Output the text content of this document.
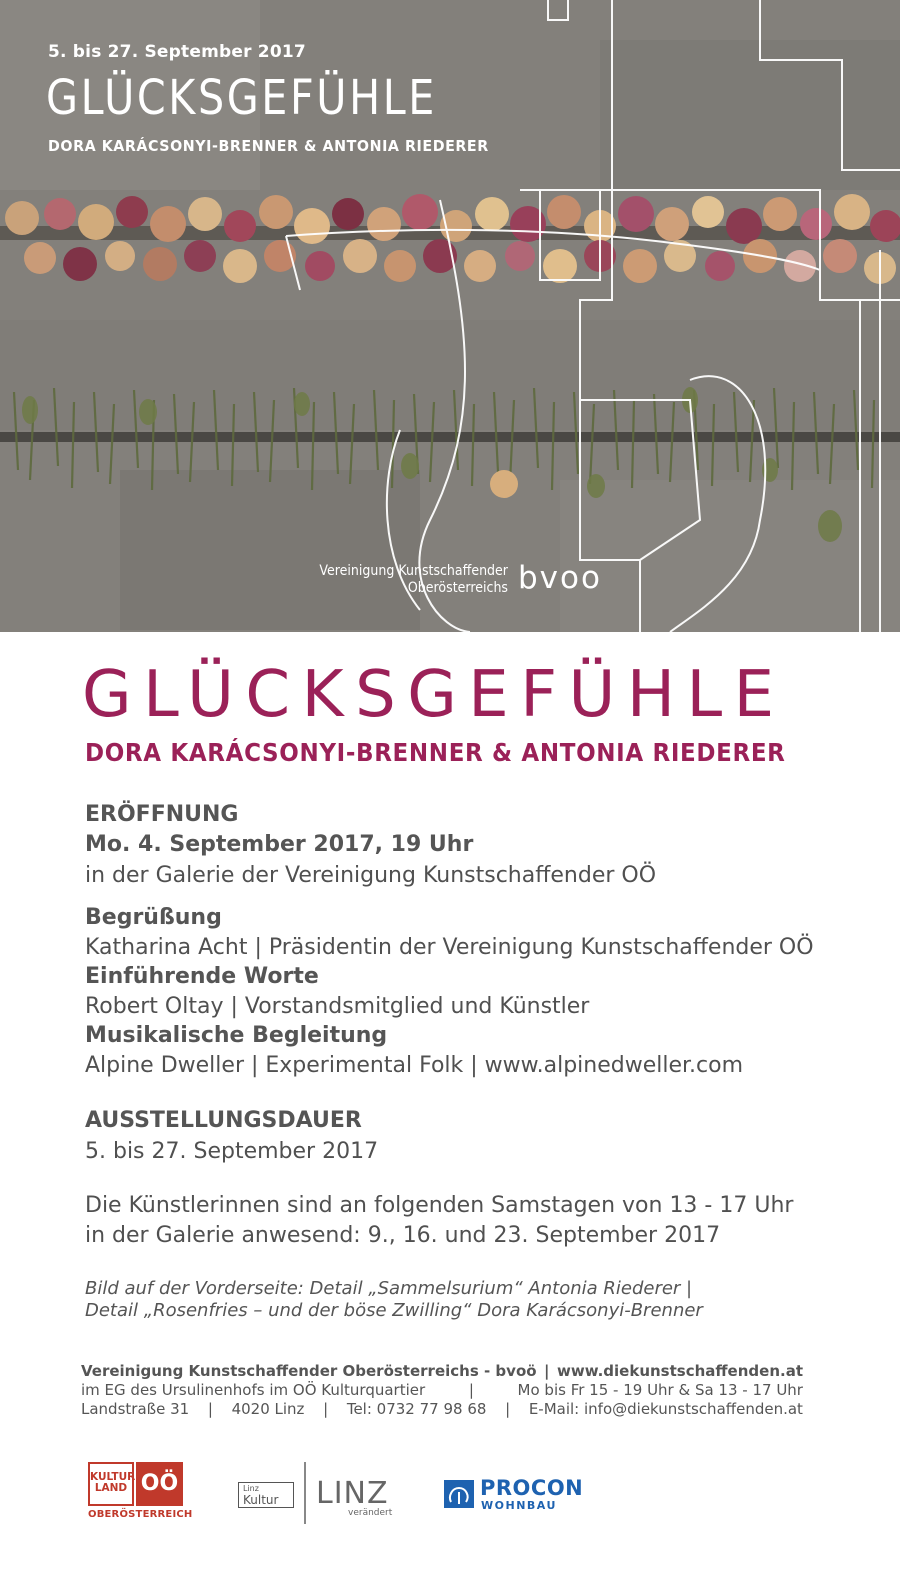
5. bis 27. September 2017
GLÜCKSGEFÜHLE
DORA KARÁCSONYI-BRENNER & ANTONIA RIEDERER
Vereinigung Kunstschaffender
Oberösterreichs bvoo
GLÜCKSGEFÜHLE
DORA KARÁCSONYI-BRENNER & ANTONIA RIEDERER
ERÖFFNUNG
Mo. 4. September 2017, 19 Uhr
in der Galerie der Vereinigung Kunstschaffender OÖ
Begrüßung
Katharina Acht | Präsidentin der Vereinigung Kunstschaffender OÖ
Einführende Worte
Robert Oltay | Vorstandsmitglied und Künstler
Musikalische Begleitung
Alpine Dweller | Experimental Folk | www.alpinedweller.com
AUSSTELLUNGSDAUER
5. bis 27. September 2017
Die Künstlerinnen sind an folgenden Samstagen von 13 - 17 Uhr
in der Galerie anwesend: 9., 16. und 23. September 2017
Bild auf der Vorderseite: Detail „Sammelsurium“ Antonia Riederer |
Detail „Rosenfries – und der böse Zwilling“ Dora Karácsonyi-Brenner
Vereinigung Kunstschaffender Oberösterreichs - bvoö | www.diekunstschaffenden.at
im EG des Ursulinenhofs im OÖ Kulturquartier	|	Mo bis Fr 15 - 19 Uhr & Sa 13 - 17 Uhr
Landstraße 31 | 4020 Linz | Tel: 0732 77 98 68 | E-Mail: info@diekunstschaffenden.at
KULTUR
LAND OÖ
OBERÖSTERREICH
Linz
Kultur LINZ
verändert
PROCON
WOHNBAU
